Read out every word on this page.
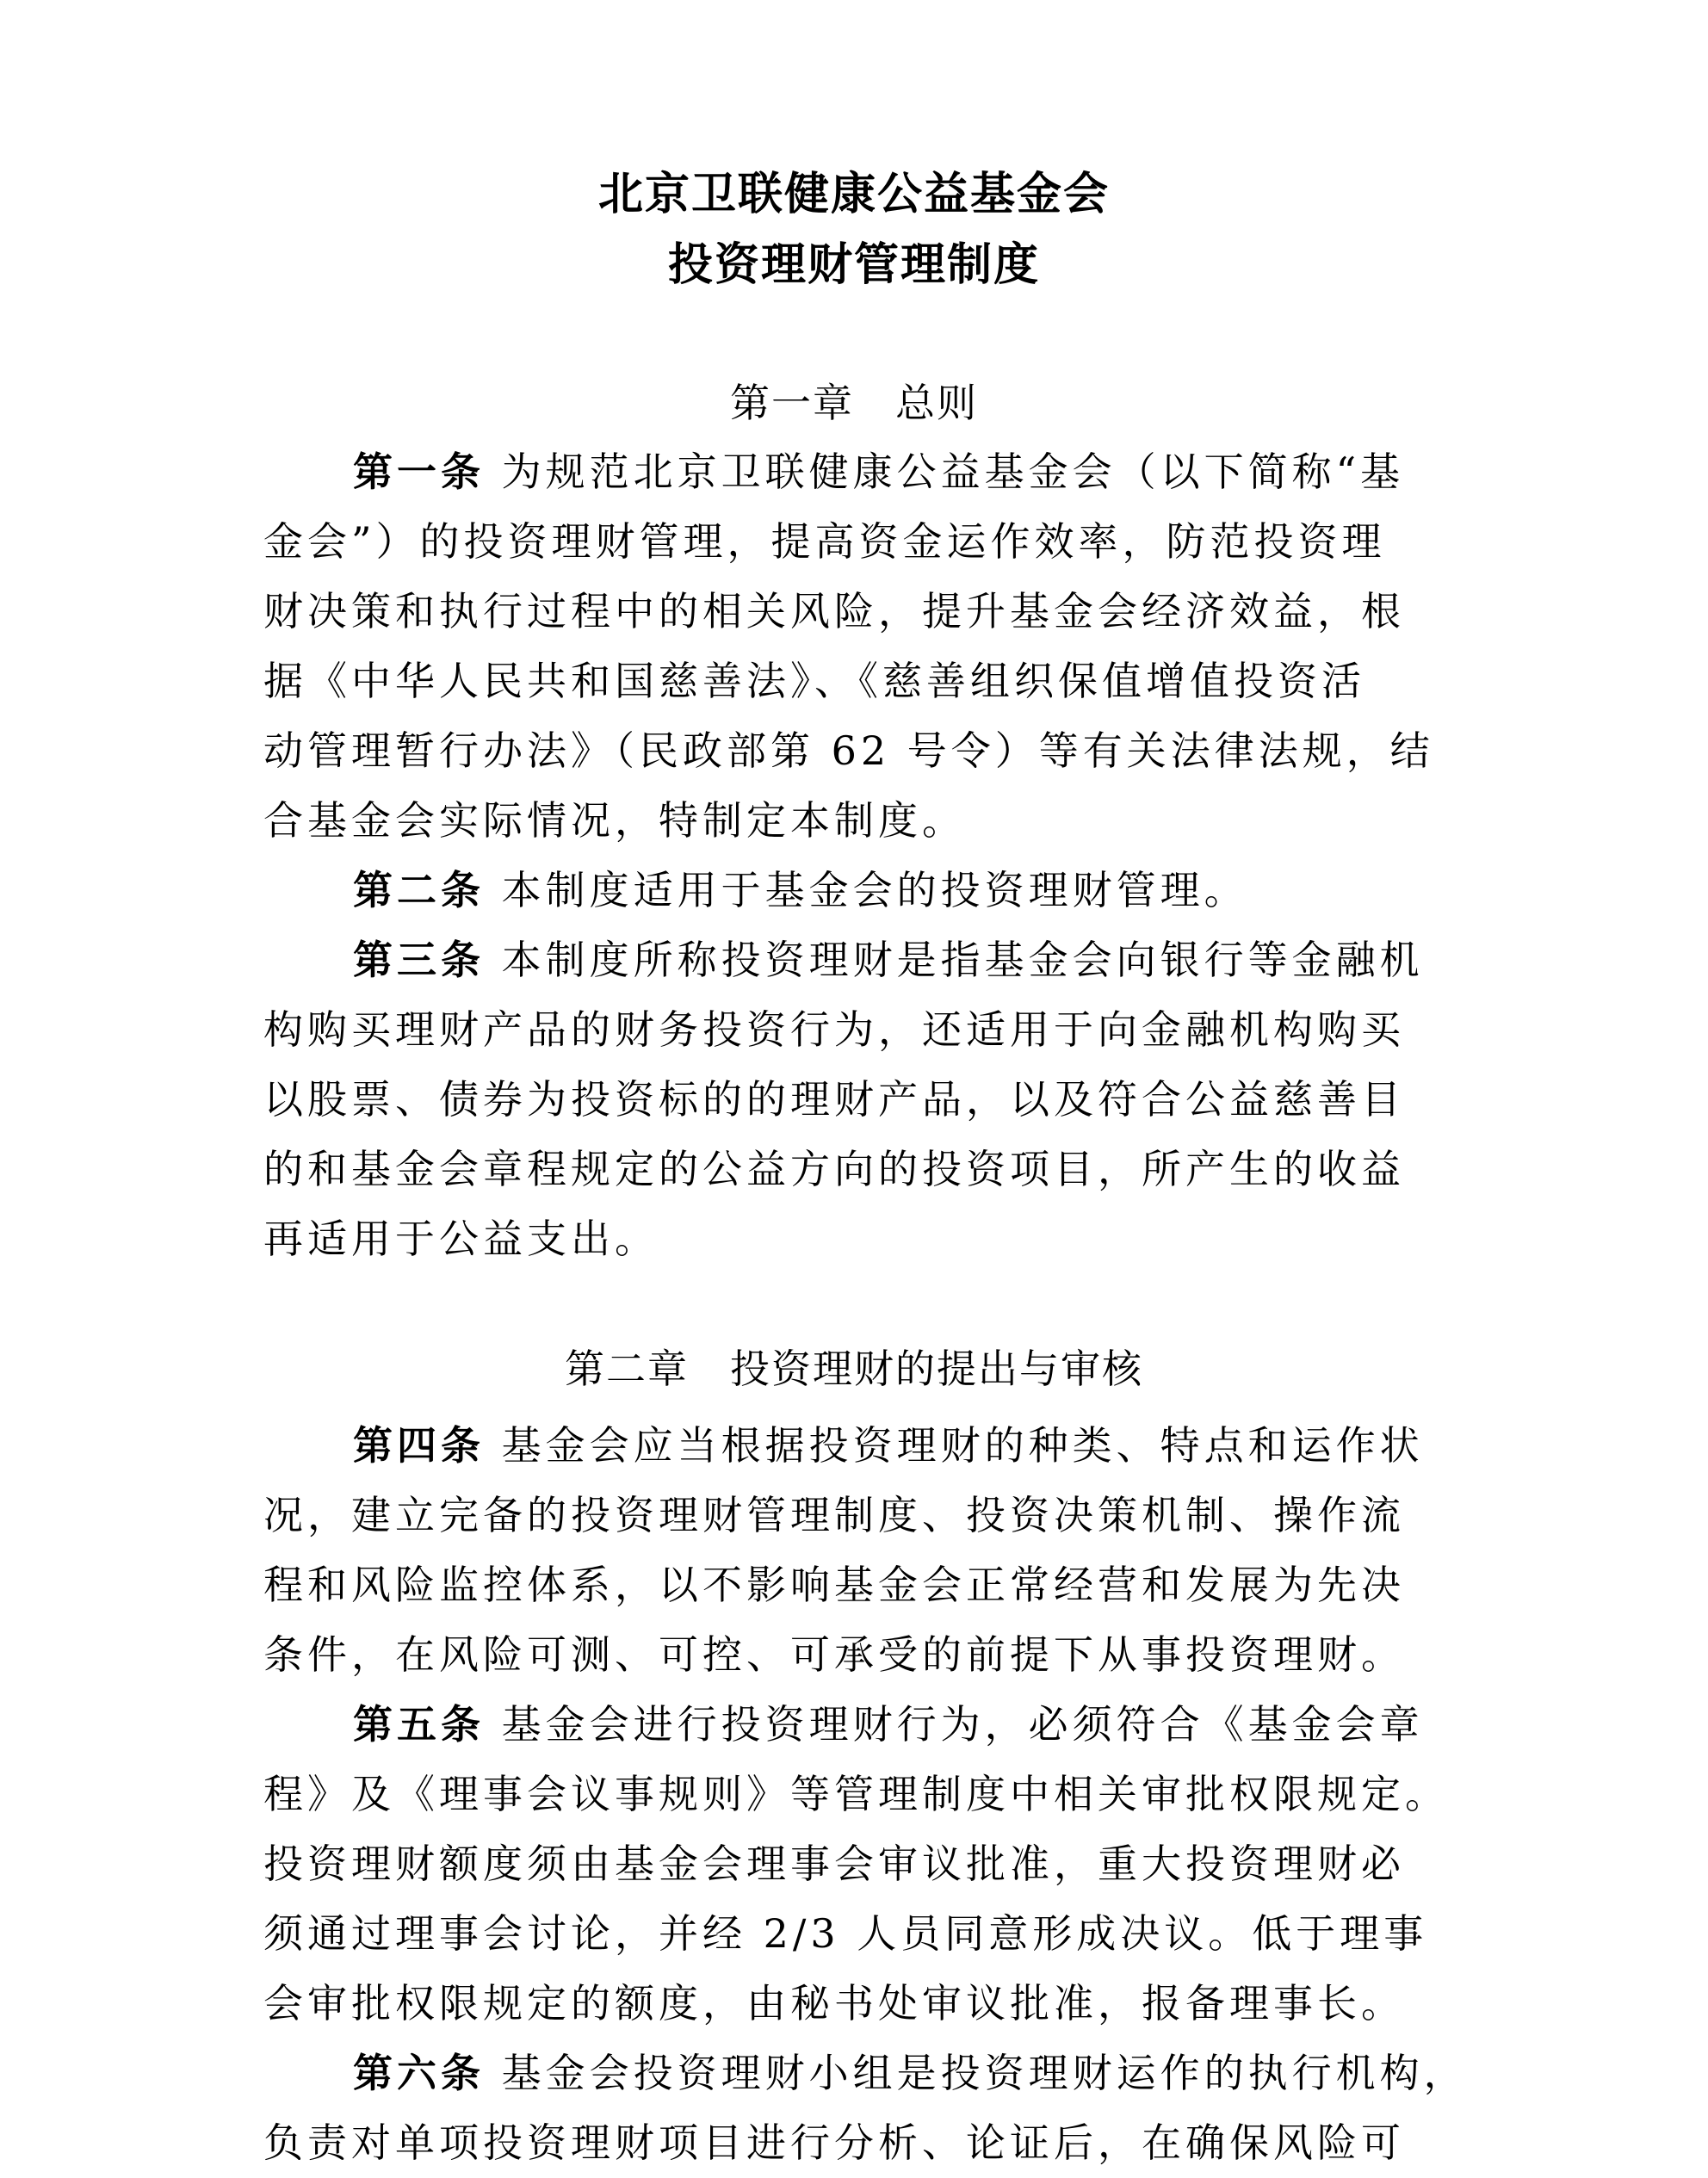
北京卫联健康公益基金会
投资理财管理制度
第一章　总则
第一条 为规范北京卫联健康公益基金会（以下简称“基
金会”）的投资理财管理，提高资金运作效率，防范投资理
财决策和执行过程中的相关风险，提升基金会经济效益，根
据《中华人民共和国慈善法》、《慈善组织保值增值投资活
动管理暂行办法》（民政部第 62 号令）等有关法律法规，结
合基金会实际情况，特制定本制度。
第二条 本制度适用于基金会的投资理财管理。
第三条 本制度所称投资理财是指基金会向银行等金融机
构购买理财产品的财务投资行为，还适用于向金融机构购买
以股票、债券为投资标的的理财产品，以及符合公益慈善目
的和基金会章程规定的公益方向的投资项目，所产生的收益
再适用于公益支出。
第二章　投资理财的提出与审核
第四条 基金会应当根据投资理财的种类、特点和运作状
况，建立完备的投资理财管理制度、投资决策机制、操作流
程和风险监控体系，以不影响基金会正常经营和发展为先决
条件，在风险可测、可控、可承受的前提下从事投资理财。
第五条 基金会进行投资理财行为，必须符合《基金会章
程》及《理事会议事规则》等管理制度中相关审批权限规定。
投资理财额度须由基金会理事会审议批准，重大投资理财必
须通过理事会讨论，并经 2/3 人员同意形成决议。低于理事
会审批权限规定的额度，由秘书处审议批准，报备理事长。
第六条 基金会投资理财小组是投资理财运作的执行机构，
负责对单项投资理财项目进行分析、论证后，在确保风险可
